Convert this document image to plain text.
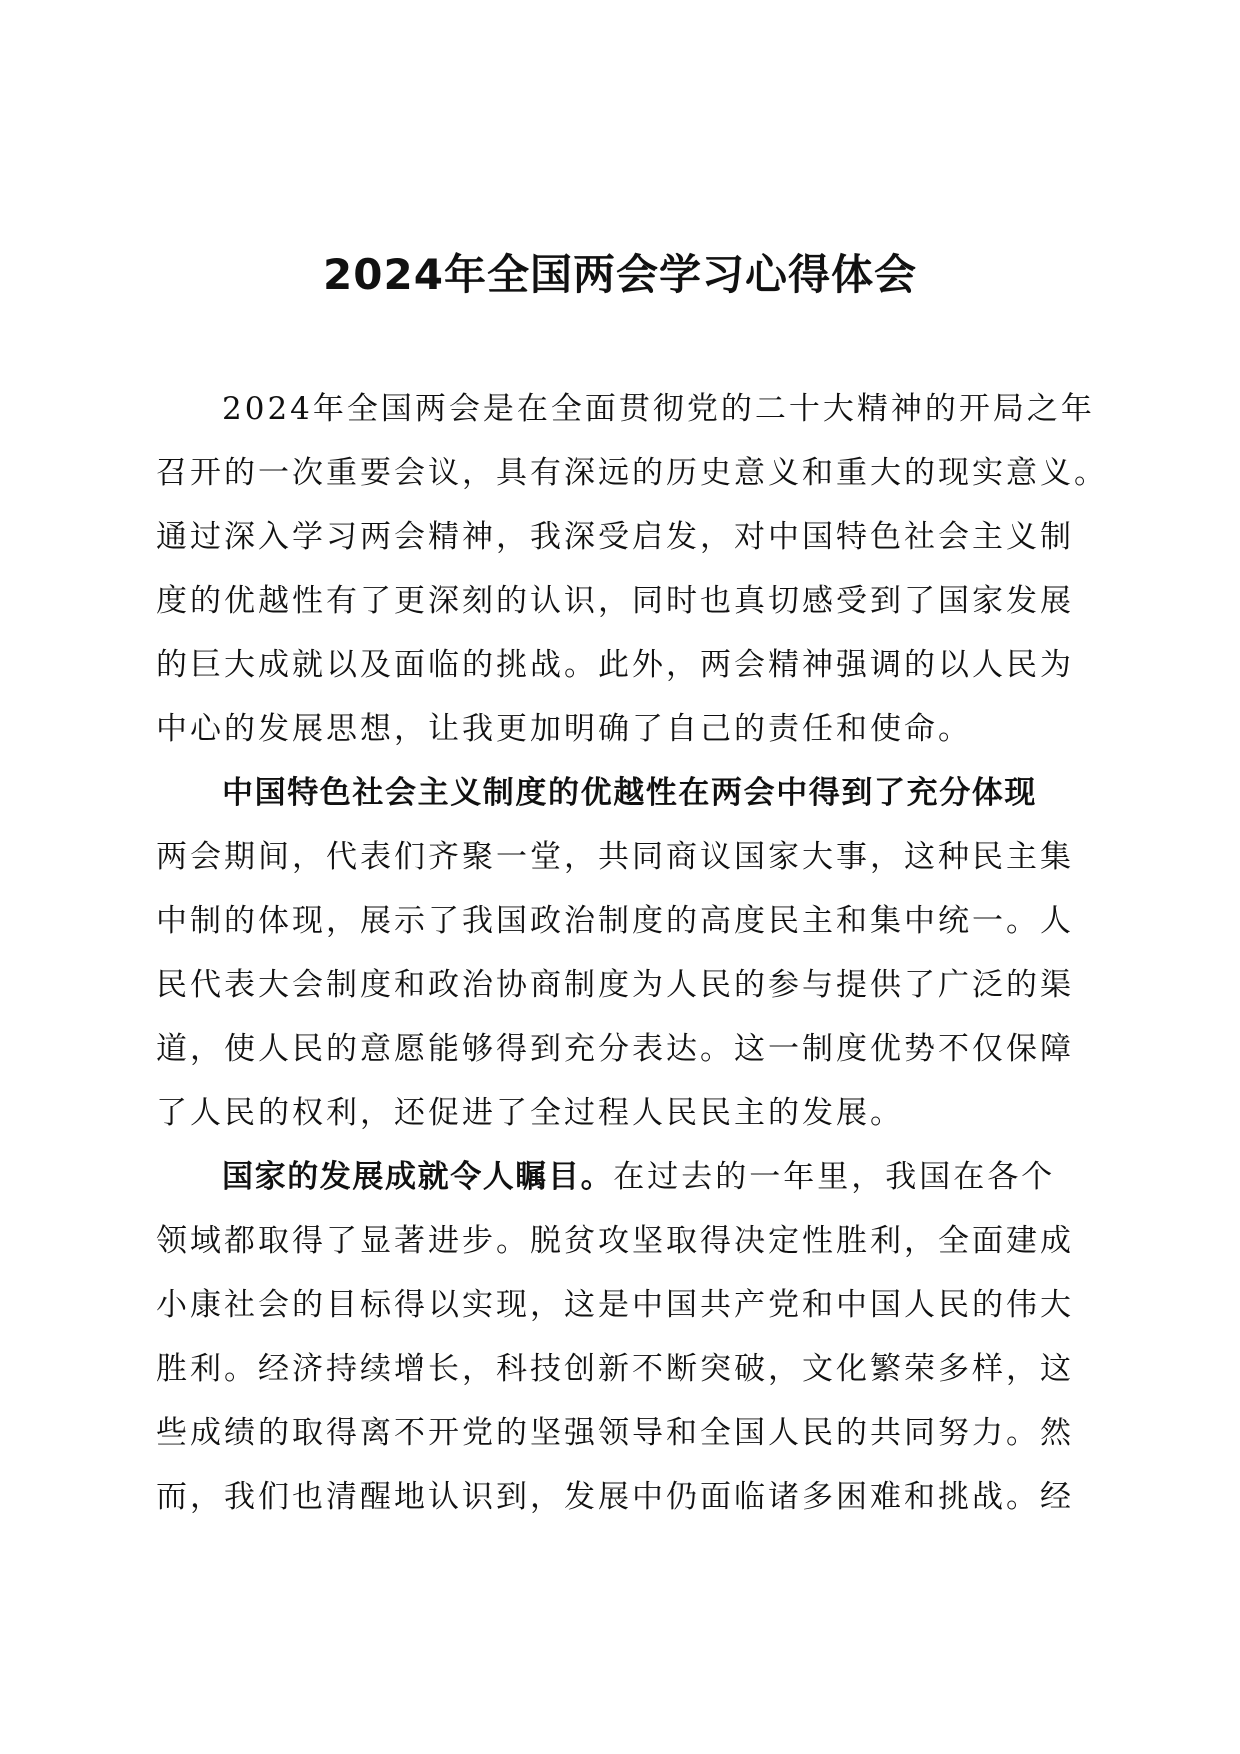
2024年全国两会学习心得体会
2024年全国两会是在全面贯彻党的二十大精神的开局之年
召开的一次重要会议，具有深远的历史意义和重大的现实意义。
通过深入学习两会精神，我深受启发，对中国特色社会主义制
度的优越性有了更深刻的认识，同时也真切感受到了国家发展
的巨大成就以及面临的挑战。此外，两会精神强调的以人民为
中心的发展思想，让我更加明确了自己的责任和使命。
中国特色社会主义制度的优越性在两会中得到了充分体现
两会期间，代表们齐聚一堂，共同商议国家大事，这种民主集
中制的体现，展示了我国政治制度的高度民主和集中统一。人
民代表大会制度和政治协商制度为人民的参与提供了广泛的渠
道，使人民的意愿能够得到充分表达。这一制度优势不仅保障
了人民的权利，还促进了全过程人民民主的发展。
国家的发展成就令人瞩目。在过去的一年里，我国在各个
领域都取得了显著进步。脱贫攻坚取得决定性胜利，全面建成
小康社会的目标得以实现，这是中国共产党和中国人民的伟大
胜利。经济持续增长，科技创新不断突破，文化繁荣多样，这
些成绩的取得离不开党的坚强领导和全国人民的共同努力。然
而，我们也清醒地认识到，发展中仍面临诸多困难和挑战。经
